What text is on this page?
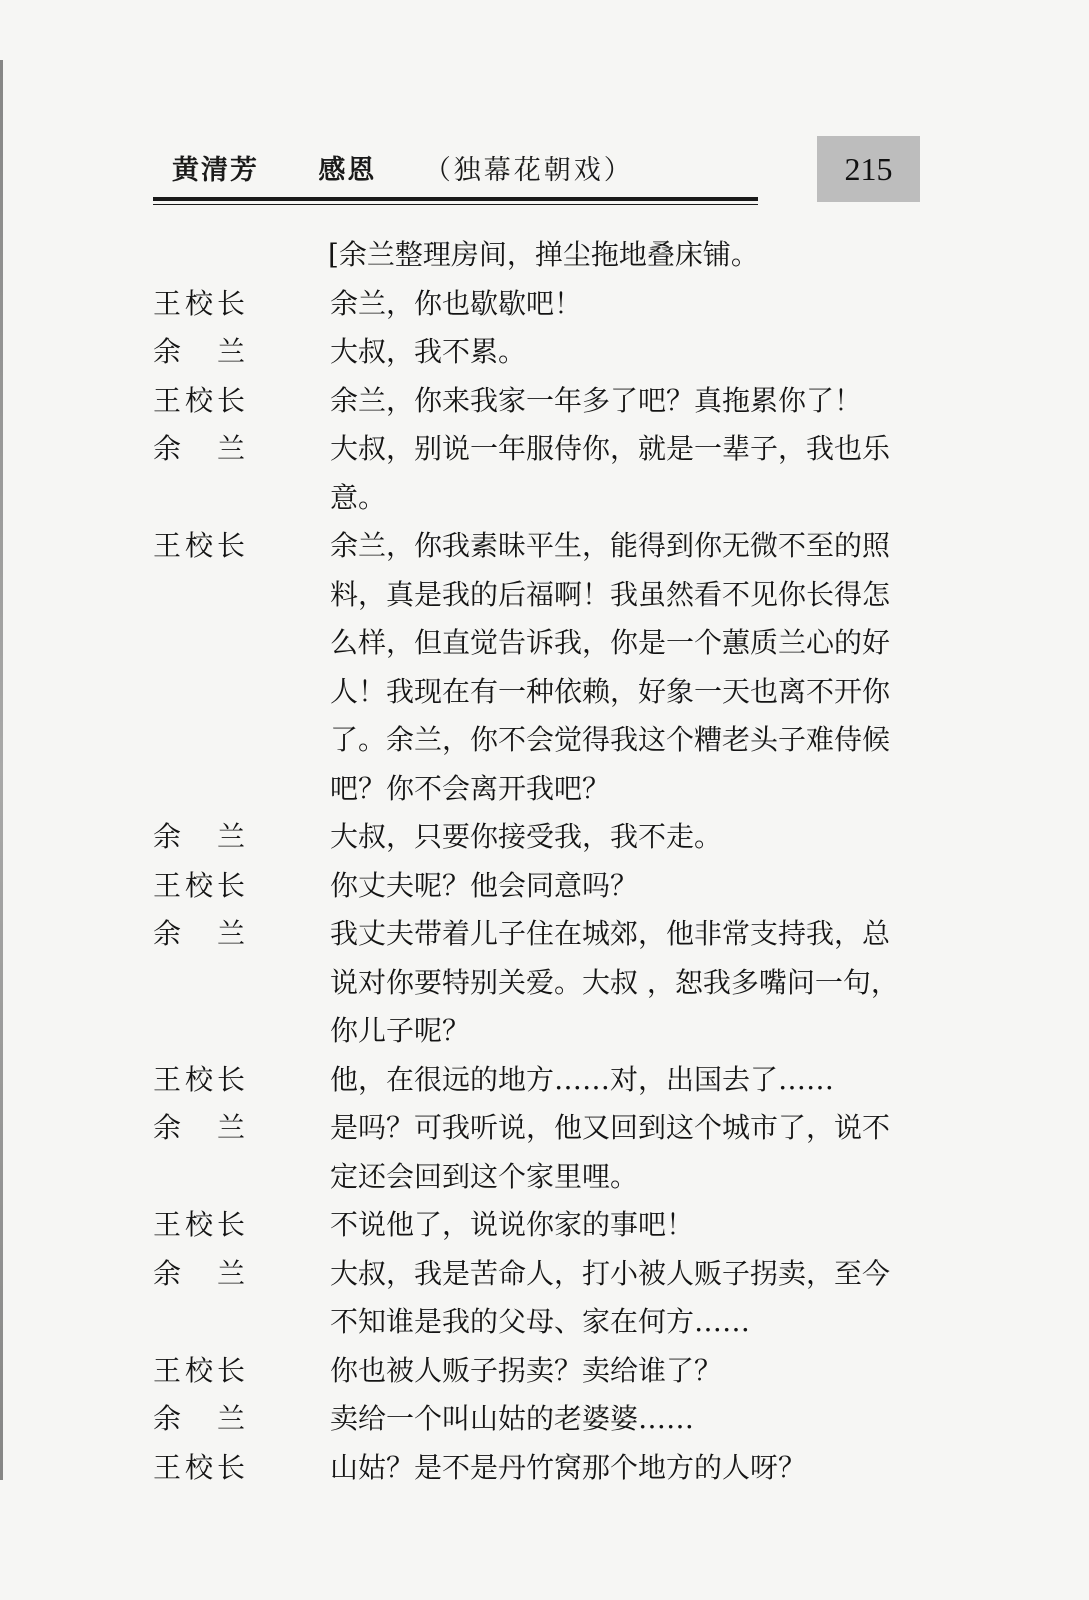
黄清芳 感恩 （独幕花朝戏）	215
[余兰整理房间，掸尘拖地叠床铺。
王 校 长	余兰，你也歇歇吧！
余 兰	大叔，我不累。
王 校 长	余兰，你来我家一年多了吧？真拖累你了！
余 兰	大叔，别说一年服侍你，就是一辈子，我也乐
意。
王 校 长	余兰，你我素昧平生，能得到你无微不至的照
料，真是我的后福啊！我虽然看不见你长得怎
么样，但直觉告诉我，你是一个蕙质兰心的好
人！我现在有一种依赖，好象一天也离不开你
了。余兰，你不会觉得我这个糟老头子难侍候
吧？你不会离开我吧？
余 兰	大叔，只要你接受我，我不走。
王 校 长	你丈夫呢？他会同意吗？
余 兰	我丈夫带着儿子住在城郊，他非常支持我，总
说对你要特别关爱。大叔 ，恕我多嘴问一句，
你儿子呢？
王 校 长	他，在很远的地方……对，出国去了……
余 兰	是吗？可我听说，他又回到这个城市了，说不
定还会回到这个家里哩。
王 校 长	不说他了，说说你家的事吧！
余 兰	大叔，我是苦命人，打小被人贩子拐卖，至今
不知谁是我的父母、家在何方……
王 校 长	你也被人贩子拐卖？卖给谁了？
余 兰	卖给一个叫山姑的老婆婆……
王 校 长	山姑？是不是丹竹窝那个地方的人呀？
